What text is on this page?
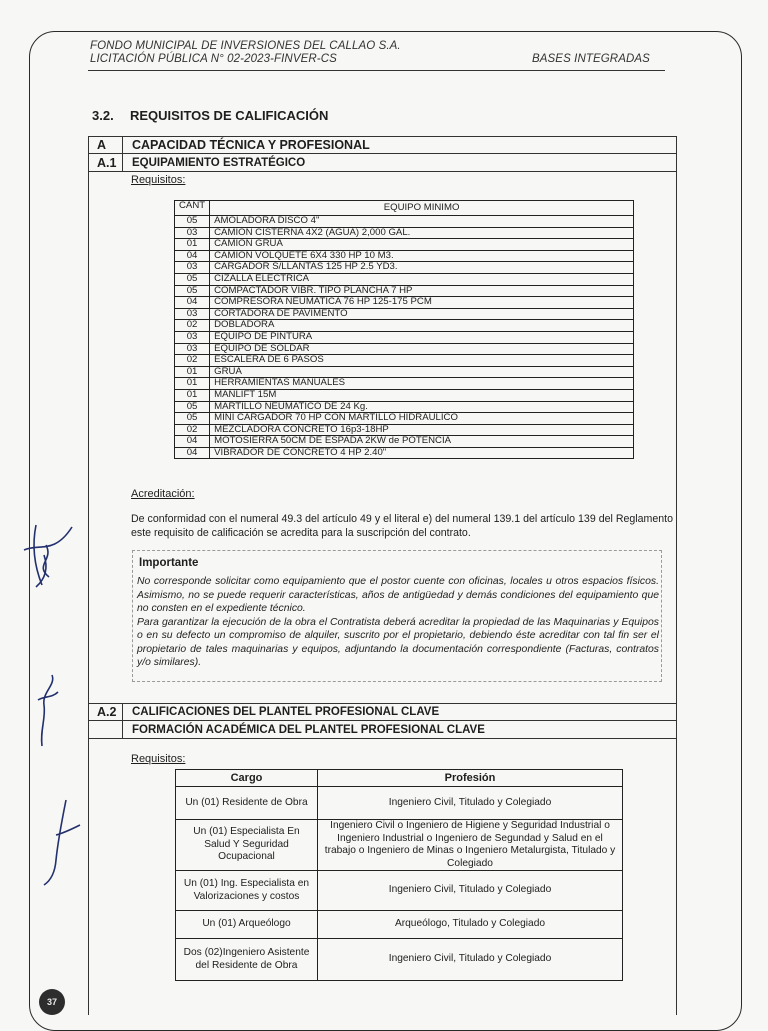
FONDO MUNICIPAL DE INVERSIONES DEL CALLAO S.A.
LICITACIÓN PÚBLICA N° 02-2023-FINVER-CS	BASES INTEGRADAS
3.2. REQUISITOS DE CALIFICACIÓN
A	CAPACIDAD TÉCNICA Y PROFESIONAL
A.1	EQUIPAMIENTO ESTRATÉGICO
Requisitos:
CANT	EQUIPO MINIMO
05	AMOLADORA DISCO 4"
03	CAMION CISTERNA 4X2 (AGUA) 2,000 GAL.
01	CAMION GRUA
04	CAMION VOLQUETE 6X4 330 HP 10 M3.
03	CARGADOR S/LLANTAS 125 HP 2.5 YD3.
05	CIZALLA ELECTRICA
05	COMPACTADOR VIBR. TIPO PLANCHA 7 HP
04	COMPRESORA NEUMATICA 76 HP 125-175 PCM
03	CORTADORA DE PAVIMENTO
02	DOBLADORA
03	EQUIPO DE PINTURA
03	EQUIPO DE SOLDAR
02	ESCALERA DE 6 PASOS
01	GRUA
01	HERRAMIENTAS MANUALES
01	MANLIFT 15M
05	MARTILLO NEUMATICO DE 24 Kg.
05	MINI CARGADOR 70 HP CON MARTILLO HIDRAULICO
02	MEZCLADORA CONCRETO 16p3-18HP
04	MOTOSIERRA 50CM DE ESPADA 2KW de POTENCIA
04	VIBRADOR DE CONCRETO 4 HP 2.40"
Acreditación:
De conformidad con el numeral 49.3 del artículo 49 y el literal e) del numeral 139.1 del artículo 139 del Reglamento este requisito de calificación se acredita para la suscripción del contrato.
Importante
No corresponde solicitar como equipamiento que el postor cuente con oficinas, locales u otros espacios físicos. Asimismo, no se puede requerir características, años de antigüedad y demás condiciones del equipamiento que no consten en el expediente técnico.
Para garantizar la ejecución de la obra el Contratista deberá acreditar la propiedad de las Maquinarias y Equipos o en su defecto un compromiso de alquiler, suscrito por el propietario, debiendo éste acreditar con tal fin ser el propietario de tales maquinarias y equipos, adjuntando la documentación correspondiente (Facturas, contratos y/o similares).
A.2	CALIFICACIONES DEL PLANTEL PROFESIONAL CLAVE
FORMACIÓN ACADÉMICA DEL PLANTEL PROFESIONAL CLAVE
Requisitos:
Cargo	Profesión
Un (01) Residente de Obra	Ingeniero Civil, Titulado y Colegiado
Un (01) Especialista En Salud Y Seguridad Ocupacional	Ingeniero Civil o Ingeniero de Higiene y Seguridad Industrial o Ingeniero Industrial o Ingeniero de Segundad y Salud en el trabajo o Ingeniero de Minas o Ingeniero Metalurgista, Titulado y Colegiado
Un (01) Ing. Especialista en Valorizaciones y costos	Ingeniero Civil, Titulado y Colegiado
Un (01) Arqueólogo	Arqueólogo, Titulado y Colegiado
Dos (02)Ingeniero Asistente del Residente de Obra	Ingeniero Civil, Titulado y Colegiado
37
